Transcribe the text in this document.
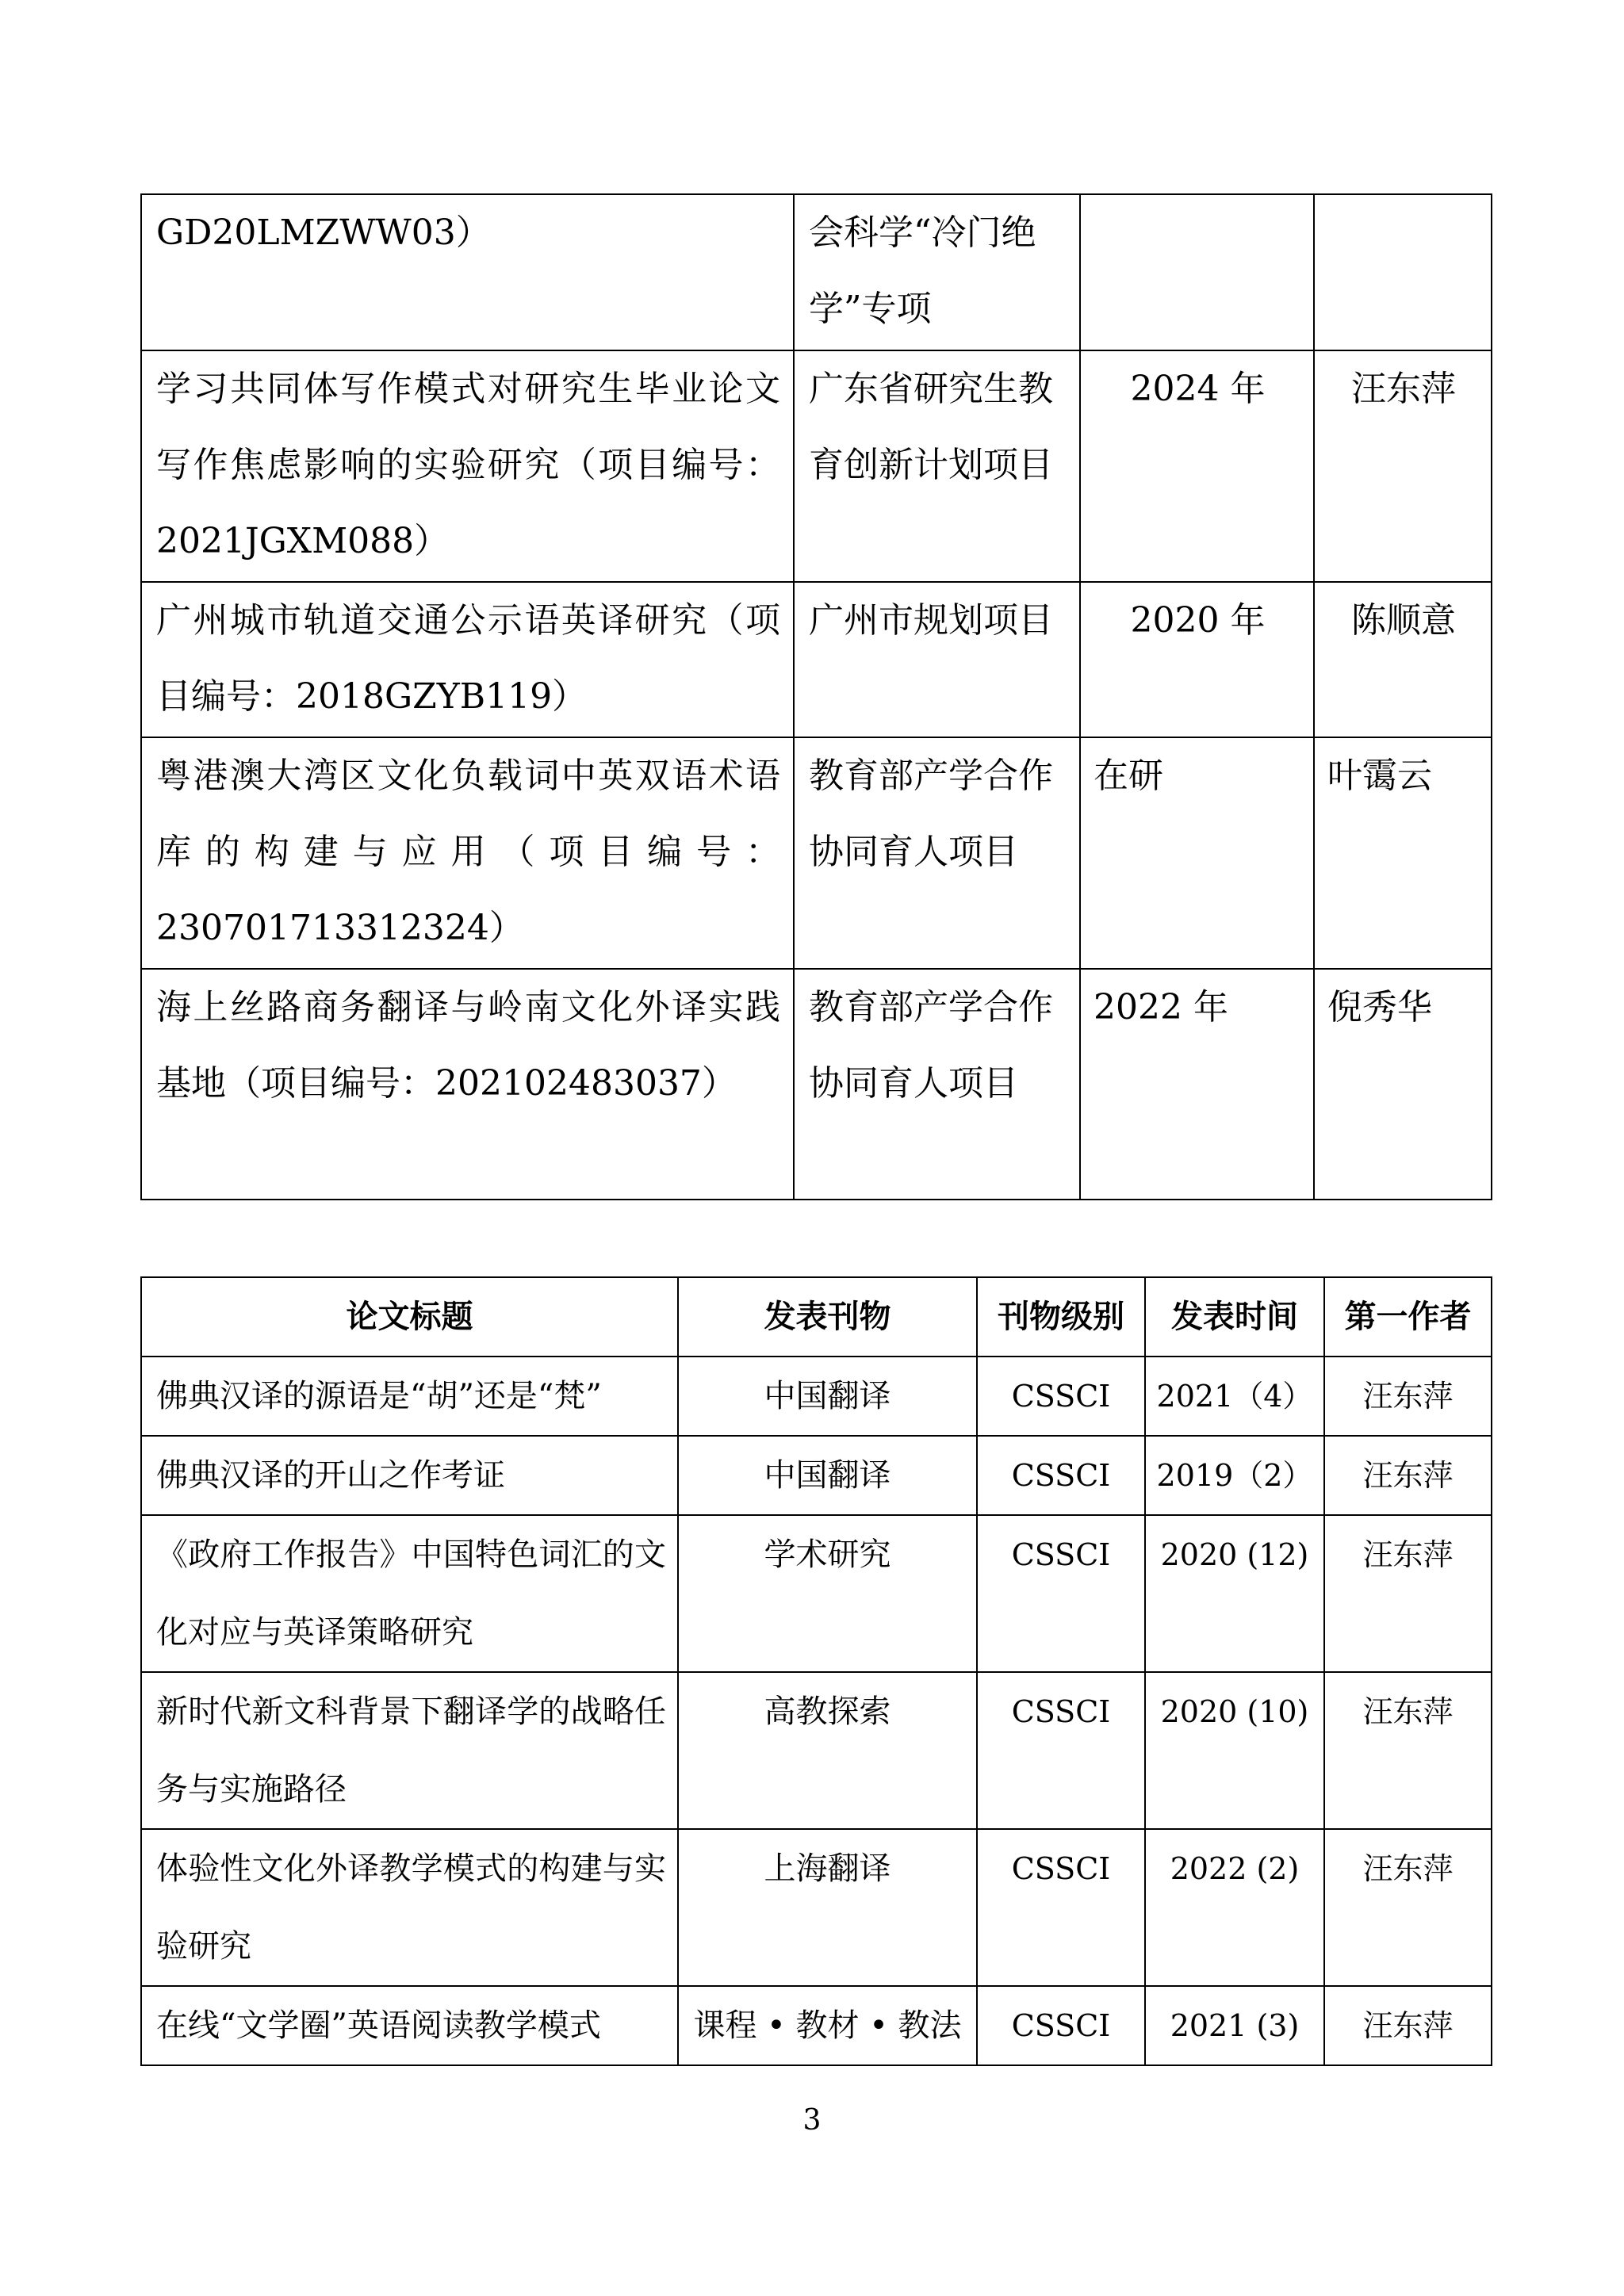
GD20LMZWW03）	会科学“冷门绝学”专项		
学习共同体写作模式对研究生毕业论文写作焦虑影响的实验研究（项目编号：2021JGXM088）	广东省研究生教育创新计划项目	2024 年	汪东萍
广州城市轨道交通公示语英译研究（项目编号：2018GZYB119）	广州市规划项目	2020 年	陈顺意
粤港澳大湾区文化负载词中英双语术语库的构建与应用（项目编号：230701713312324）	教育部产学合作协同育人项目	在研	叶霭云
海上丝路商务翻译与岭南文化外译实践基地（项目编号：202102483037）	教育部产学合作协同育人项目	2022 年	倪秀华
论文标题	发表刊物	刊物级别	发表时间	第一作者
佛典汉译的源语是“胡”还是“梵”	中国翻译	CSSCI	2021（4）	汪东萍
佛典汉译的开山之作考证	中国翻译	CSSCI	2019（2）	汪东萍
《政府工作报告》中国特色词汇的文化对应与英译策略研究	学术研究	CSSCI	2020 (12)	汪东萍
新时代新文科背景下翻译学的战略任务与实施路径	高教探索	CSSCI	2020 (10)	汪东萍
体验性文化外译教学模式的构建与实验研究	上海翻译	CSSCI	2022 (2)	汪东萍
在线“文学圈”英语阅读教学模式	课程 • 教材 • 教法	CSSCI	2021 (3)	汪东萍
3
